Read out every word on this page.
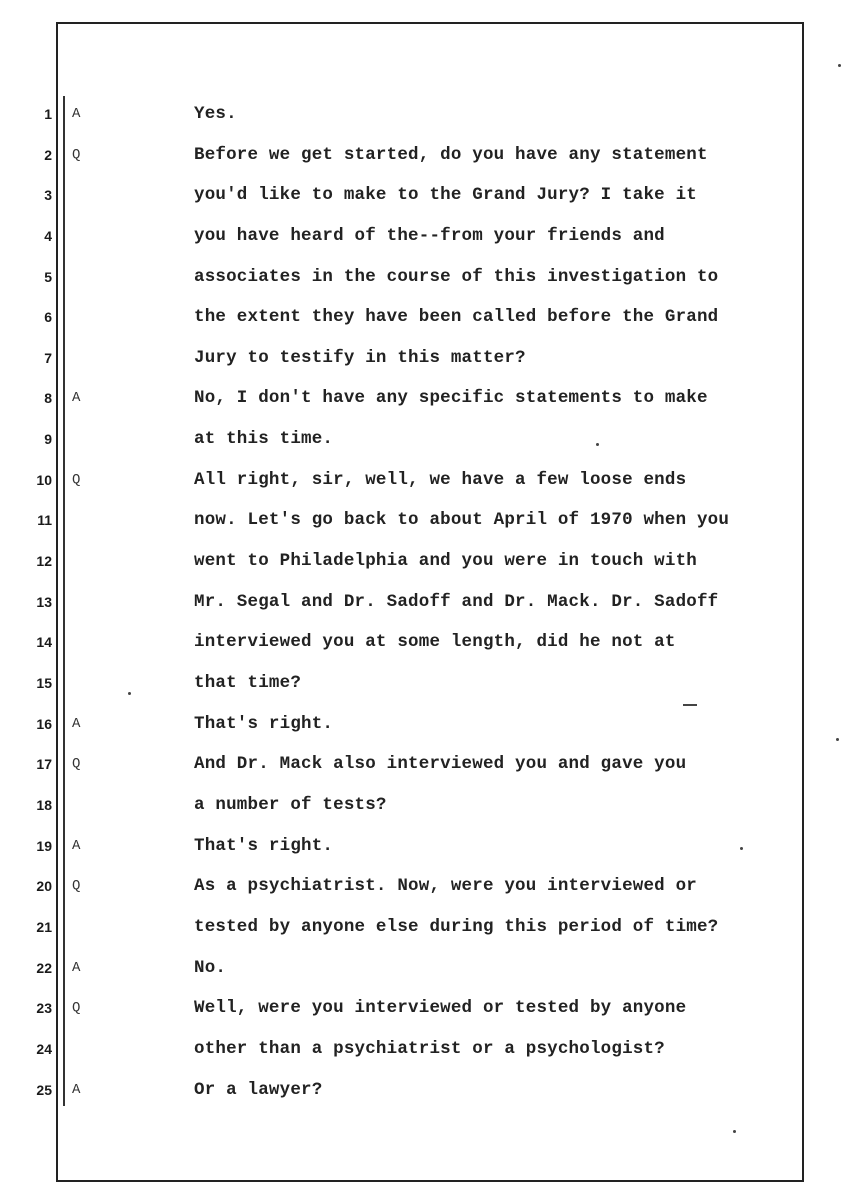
1 A	Yes.
2 Q	Before we get started, do you have any statement
3	you'd like to make to the Grand Jury? I take it
4	you have heard of the--from your friends and
5	associates in the course of this investigation to
6	the extent they have been called before the Grand
7	Jury to testify in this matter?
8 A	No, I don't have any specific statements to make
9	at this time.
10 Q	All right, sir, well, we have a few loose ends
11	now. Let's go back to about April of 1970 when you
12	went to Philadelphia and you were in touch with
13	Mr. Segal and Dr. Sadoff and Dr. Mack. Dr. Sadoff
14	interviewed you at some length, did he not at
15	that time?
16 A	That's right.
17 Q	And Dr. Mack also interviewed you and gave you
18	a number of tests?
19 A	That's right.
20 Q	As a psychiatrist. Now, were you interviewed or
21	tested by anyone else during this period of time?
22 A	No.
23 Q	Well, were you interviewed or tested by anyone
24	other than a psychiatrist or a psychologist?
25 A	Or a lawyer?
